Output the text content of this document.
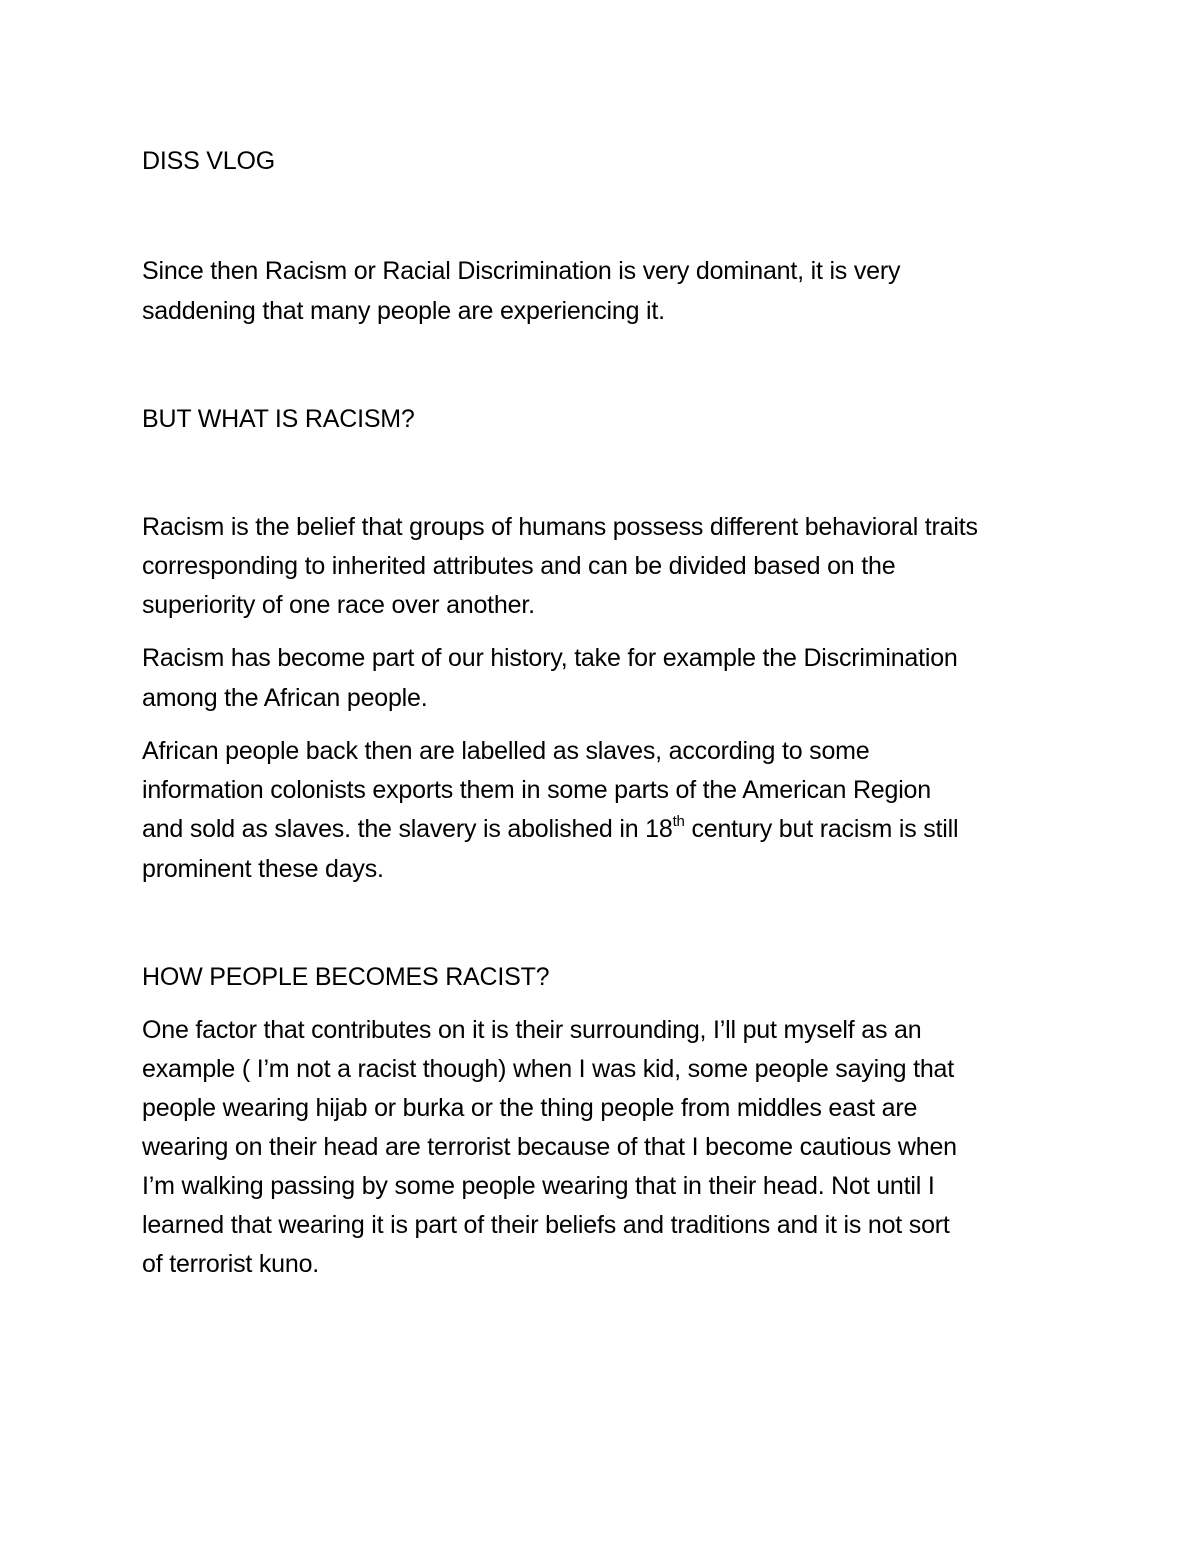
DISS VLOG

Since then Racism or Racial Discrimination is very dominant, it is very

saddening that many people are experiencing it.

BUT WHAT IS RACISM?

Racism is the belief that groups of humans possess different behavioral traits

corresponding to inherited attributes and can be divided based on the

superiority of one race over another.

Racism has become part of our history, take for example the Discrimination

among the African people.

African people back then are labelled as slaves, according to some

information colonists exports them in some parts of the American Region

and sold as slaves. the slavery is abolished in 18th century but racism is still

prominent these days.

HOW PEOPLE BECOMES RACIST?

One factor that contributes on it is their surrounding, I’ll put myself as an

example ( I’m not a racist though) when I was kid, some people saying that

people wearing hijab or burka or the thing people from middles east are

wearing on their head are terrorist because of that I become cautious when

I’m walking passing by some people wearing that in their head. Not until I

learned that wearing it is part of their beliefs and traditions and it is not sort

of terrorist kuno.
